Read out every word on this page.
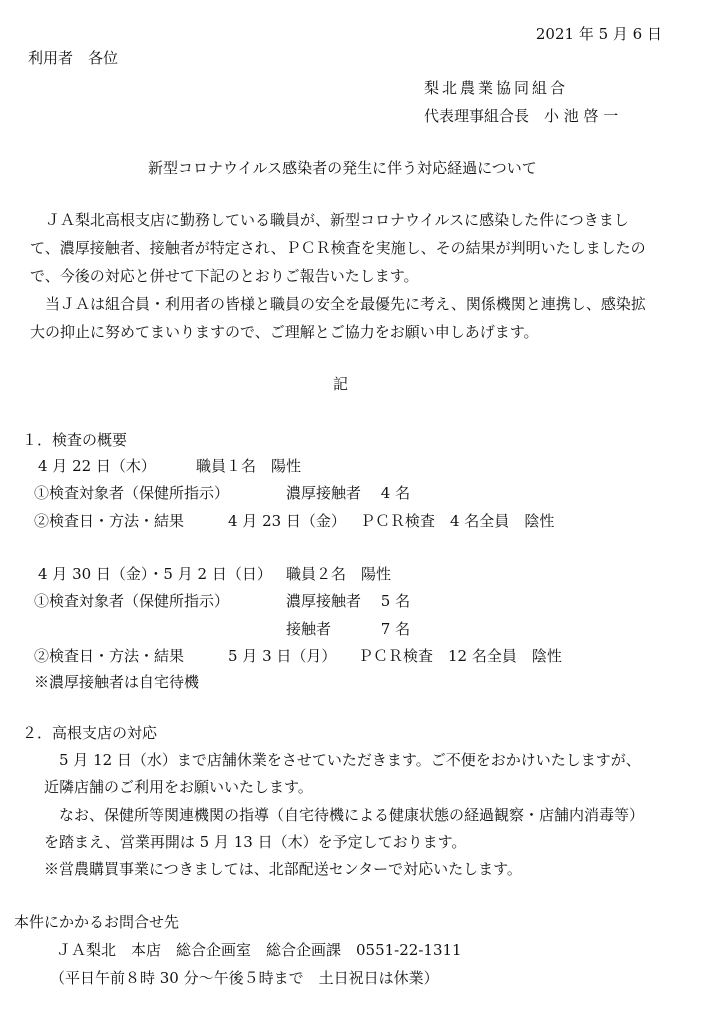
2021 年 5 月 6 日

利用者　各位

梨北農業協同組合

代表理事組合長　小 池 啓 一

新型コロナウイルス感染者の発生に伴う対応経過について

　ＪＡ梨北高根支店に勤務している職員が、新型コロナウイルスに感染した件につきまし

て、濃厚接触者、接触者が特定され、ＰＣＲ検査を実施し、その結果が判明いたしましたの

で、今後の対応と併せて下記のとおりご報告いたします。

　当ＪＡは組合員・利用者の皆様と職員の安全を最優先に考え、関係機関と連携し、感染拡

大の抑止に努めてまいりますので、ご理解とご協力をお願い申しあげます。

記

１．検査の概要

4 月 22 日（木）	職員１名　陽性

①検査対象者（保健所指示）	濃厚接触者　 4 名

②検査日・方法・結果	4 月 23 日（金） ＰＣＲ検査　4 名全員　陰性

4 月 30 日（金）・5 月 2 日（日） 職員２名　陽性

①検査対象者（保健所指示）	濃厚接触者　 5 名

接触者　　　 7 名

②検査日・方法・結果	5 月 3 日（月） ＰＣＲ検査　12 名全員　陰性

※濃厚接触者は自宅待機

２．高根支店の対応

　5 月 12 日（水）まで店舗休業をさせていただきます。ご不便をおかけいたしますが、

近隣店舗のご利用をお願いいたします。

　なお、保健所等関連機関の指導（自宅待機による健康状態の経過観察・店舗内消毒等）

を踏まえ、営業再開は 5 月 13 日（木）を予定しております。

※営農購買事業につきましては、北部配送センターで対応いたします。

本件にかかるお問合せ先

ＪＡ梨北　本店　総合企画室　総合企画課　0551-22-1311

（平日午前８時 30 分〜午後５時まで　土日祝日は休業）
